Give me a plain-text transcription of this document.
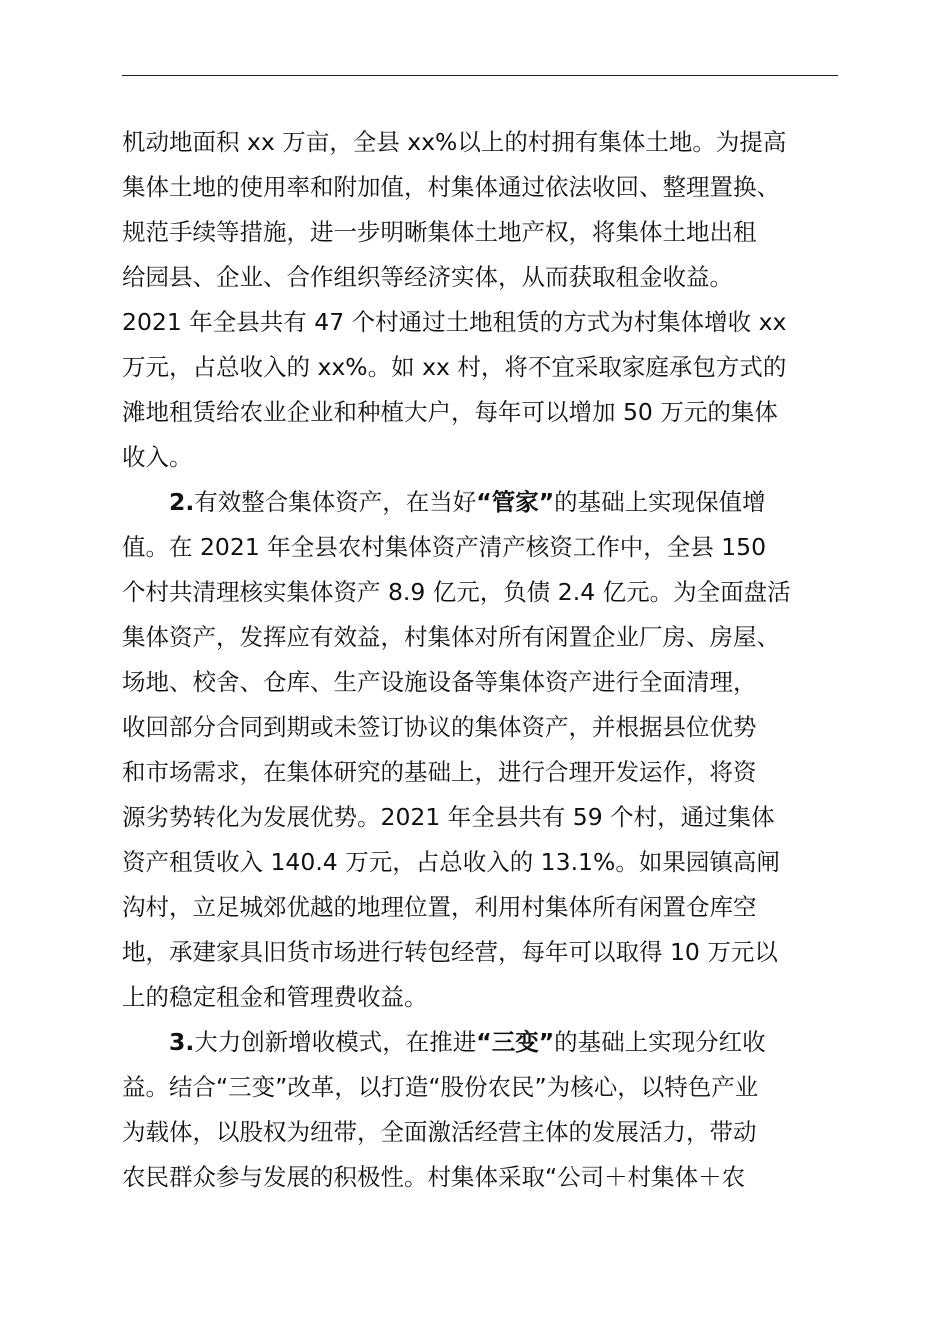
机动地面积 xx 万亩，全县 xx%以上的村拥有集体土地。为提高
集体土地的使用率和附加值，村集体通过依法收回、整理置换、
规范手续等措施，进一步明晰集体土地产权，将集体土地出租
给园县、企业、合作组织等经济实体，从而获取租金收益。
2021 年全县共有 47 个村通过土地租赁的方式为村集体增收 xx
万元，占总收入的 xx%。如 xx 村，将不宜采取家庭承包方式的
滩地租赁给农业企业和种植大户，每年可以增加 50 万元的集体
收入。
2.有效整合集体资产，在当好“管家”的基础上实现保值增
值。在 2021 年全县农村集体资产清产核资工作中，全县 150
个村共清理核实集体资产 8.9 亿元，负债 2.4 亿元。为全面盘活
集体资产，发挥应有效益，村集体对所有闲置企业厂房、房屋、
场地、校舍、仓库、生产设施设备等集体资产进行全面清理，
收回部分合同到期或未签订协议的集体资产，并根据县位优势
和市场需求，在集体研究的基础上，进行合理开发运作，将资
源劣势转化为发展优势。2021 年全县共有 59 个村，通过集体
资产租赁收入 140.4 万元，占总收入的 13.1%。如果园镇高闸
沟村，立足城郊优越的地理位置，利用村集体所有闲置仓库空
地，承建家具旧货市场进行转包经营，每年可以取得 10 万元以
上的稳定租金和管理费收益。
3.大力创新增收模式，在推进“三变”的基础上实现分红收
益。结合“三变”改革，以打造“股份农民”为核心，以特色产业
为载体，以股权为纽带，全面激活经营主体的发展活力，带动
农民群众参与发展的积极性。村集体采取“公司＋村集体＋农
